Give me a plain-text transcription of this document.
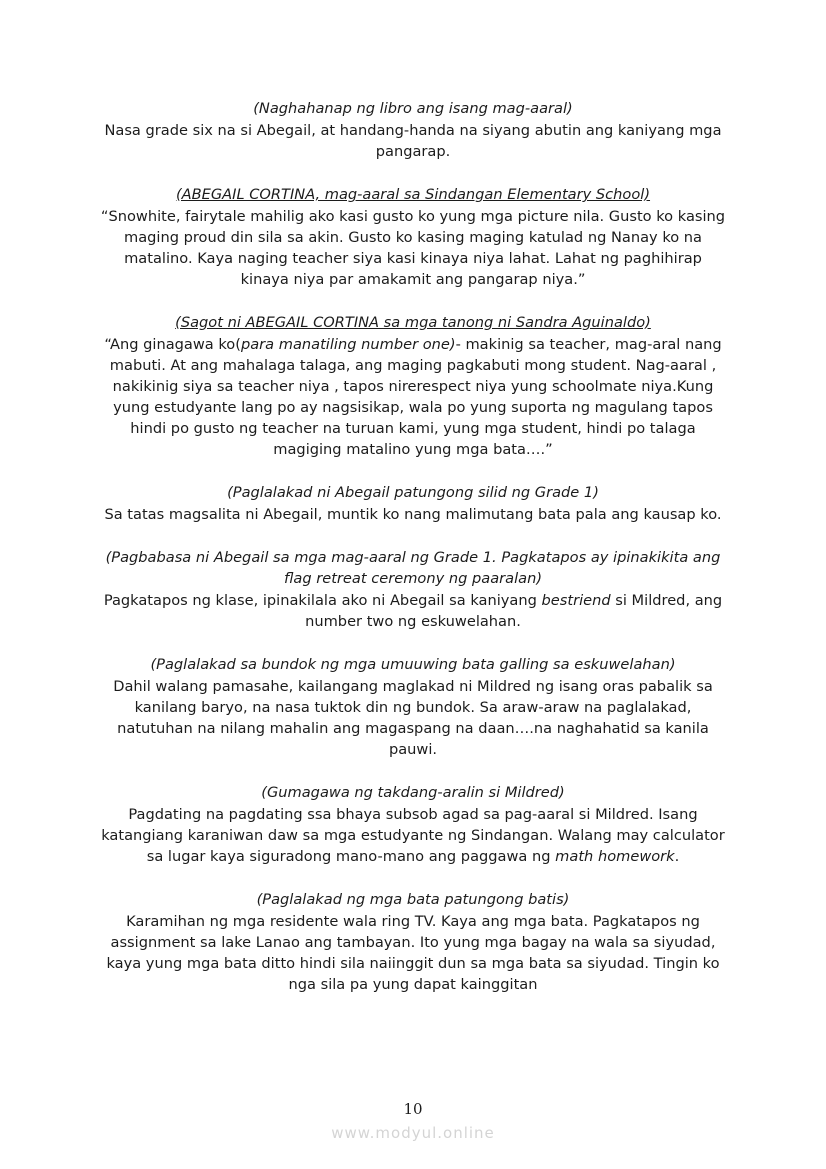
(Naghahanap ng libro ang isang mag-aaral)

Nasa grade six na si Abegail, at handang-handa na siyang abutin ang kaniyang mga pangarap.

(ABEGAIL CORTINA, mag-aaral sa Sindangan Elementary School)

“Snowhite, fairytale mahilig ako kasi gusto ko yung mga picture nila. Gusto ko kasing maging proud din sila sa akin. Gusto ko kasing maging katulad ng Nanay ko na matalino. Kaya naging teacher siya kasi kinaya niya lahat. Lahat ng paghihirap kinaya niya par amakamit ang pangarap niya.”

(Sagot ni ABEGAIL CORTINA sa mga tanong ni Sandra Aguinaldo)

“Ang ginagawa ko(para manatiling number one)- makinig sa teacher, mag-aral nang mabuti. At ang mahalaga talaga, ang maging pagkabuti mong student. Nag-aaral , nakikinig siya sa teacher niya , tapos nirerespect niya yung schoolmate niya.Kung yung estudyante lang po ay nagsisikap, wala po yung suporta ng magulang tapos hindi po gusto ng teacher na turuan kami, yung mga student, hindi po talaga magiging matalino yung mga bata….”

(Paglalakad ni Abegail patungong silid ng Grade 1)

Sa tatas magsalita ni Abegail, muntik ko nang malimutang bata pala ang kausap ko.

(Pagbabasa ni Abegail sa mga mag-aaral ng Grade 1. Pagkatapos ay ipinakikita ang flag retreat ceremony ng paaralan)

Pagkatapos ng klase, ipinakilala ako ni Abegail sa kaniyang bestriend si Mildred, ang number two ng eskuwelahan.

(Paglalakad sa bundok ng mga umuuwing bata galling sa eskuwelahan)

Dahil walang pamasahe, kailangang maglakad ni Mildred ng isang oras pabalik sa kanilang baryo, na nasa tuktok din ng bundok. Sa araw-araw na paglalakad, natutuhan na nilang mahalin ang magaspang na daan….na naghahatid sa kanila pauwi.

(Gumagawa ng takdang-aralin si Mildred)

Pagdating na pagdating ssa bhaya subsob agad sa pag-aaral si Mildred. Isang katangiang karaniwan daw sa mga estudyante ng Sindangan. Walang may calculator sa lugar kaya siguradong mano-mano ang paggawa ng math homework.

(Paglalakad ng mga bata patungong batis)

Karamihan ng mga residente wala ring TV. Kaya ang mga bata. Pagkatapos ng assignment sa lake Lanao ang tambayan. Ito yung mga bagay na wala sa siyudad, kaya yung mga bata ditto hindi sila naiinggit dun sa mga bata sa siyudad. Tingin ko nga sila pa yung dapat kainggitan

10
www.modyul.online
